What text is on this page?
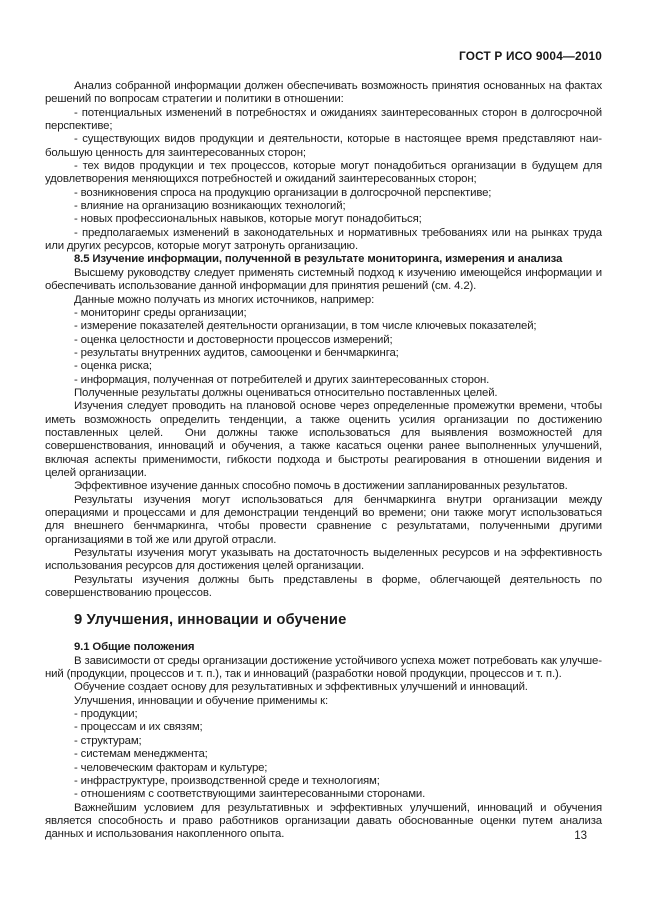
ГОСТ Р ИСО 9004—2010

Анализ собранной информации должен обеспечивать возможность принятия основанных на фактах решений по вопросам стратегии и политики в отношении:

- потенциальных изменений в потребностях и ожиданиях заинтересованных сторон в долгосрочной перспективе;

- существующих видов продукции и деятельности, которые в настоящее время представляют наибольшую ценность для заинтересованных сторон;

- тех видов продукции и тех процессов, которые могут понадобиться организации в будущем для удовлетворения меняющихся потребностей и ожиданий заинтересованных сторон;

- возникновения спроса на продукцию организации в долгосрочной перспективе;

- влияние на организацию возникающих технологий;

- новых профессиональных навыков, которые могут понадобиться;

- предполагаемых изменений в законодательных и нормативных требованиях или на рынках труда или других ресурсов, которые могут затронуть организацию.

8.5 Изучение информации, полученной в результате мониторинга, измерения и анализа

Высшему руководству следует применять системный подход к изучению имеющейся информации и обеспечивать использование данной информации для принятия решений (см. 4.2).

Данные можно получать из многих источников, например:

- мониторинг среды организации;

- измерение показателей деятельности организации, в том числе ключевых показателей;

- оценка целостности и достоверности процессов измерений;

- результаты внутренних аудитов, самооценки и бенчмаркинга;

- оценка риска;

- информация, полученная от потребителей и других заинтересованных сторон.

Полученные результаты должны оцениваться относительно поставленных целей.

Изучения следует проводить на плановой основе через определенные промежутки времени, чтобы иметь возможность определить тенденции, а также оценить усилия организации по достижению поставленных целей.  Они должны также использоваться для выявления возможностей для совершенствования, инноваций и обучения, а также касаться оценки ранее выполненных улучшений, включая аспекты применимости, гибкости подхода и быстроты реагирования в отношении видения и целей организации.

Эффективное изучение данных способно помочь в достижении запланированных результатов.

Результаты изучения могут использоваться для бенчмаркинга внутри организации между операциями и процессами и для демонстрации тенденций во времени; они также могут использоваться для внешнего бенчмаркинга, чтобы провести сравнение с результатами, полученными другими организациями в той же или другой отрасли.

Результаты изучения могут указывать на достаточность выделенных ресурсов и на эффективность использования ресурсов для достижения целей организации.

Результаты изучения должны быть представлены в форме, облегчающей деятельность по совершенствованию процессов.

9 Улучшения, инновации и обучение

9.1 Общие положения

В зависимости от среды организации достижение устойчивого успеха может потребовать как улучшений (продукции, процессов и т. п.), так и инноваций (разработки новой продукции, процессов и т. п.).

Обучение создает основу для результативных и эффективных улучшений и инноваций.

Улучшения, инновации и обучение применимы к:

- продукции;

- процессам и их связям;

- структурам;

- системам менеджмента;

- человеческим факторам и культуре;

- инфраструктуре, производственной среде и технологиям;

- отношениям с соответствующими заинтересованными сторонами.

Важнейшим условием для результативных и эффективных улучшений, инноваций и обучения является способность и право работников организации давать обоснованные оценки путем анализа данных и использования накопленного опыта.	13
